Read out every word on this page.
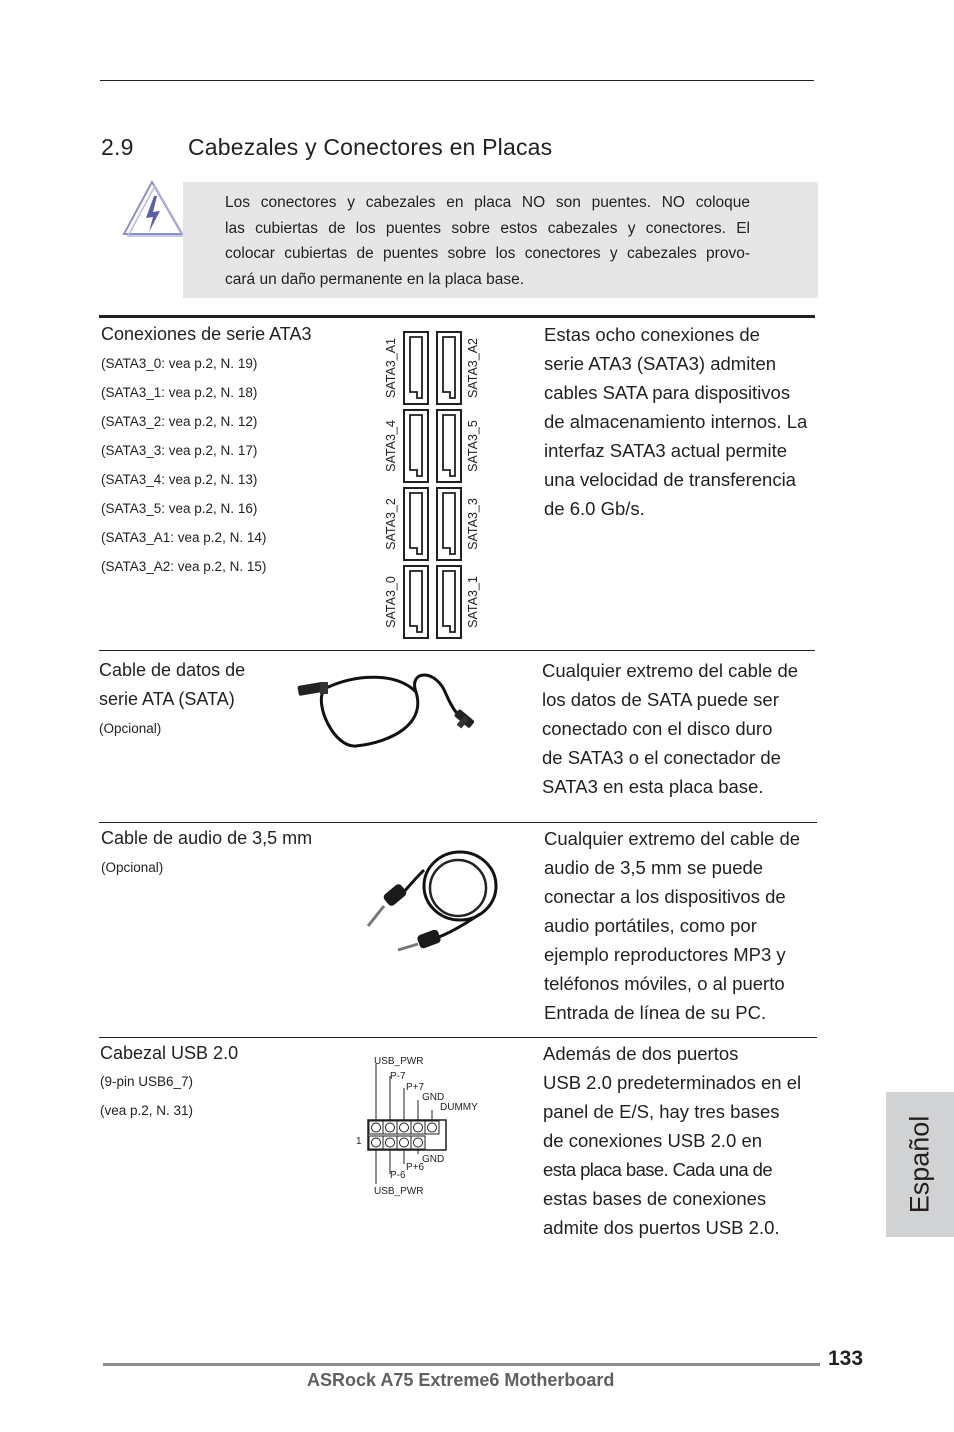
2.9 Cabezales y Conectores en Placas
Los conectores y cabezales en placa NO son puentes. NO coloque
las cubiertas de los puentes sobre estos cabezales y conectores. El
colocar cubiertas de puentes sobre los conectores y cabezales provo-
cará un daño permanente en la placa base.
Conexiones de serie ATA3
(SATA3_0: vea p.2, N. 19)
(SATA3_1: vea p.2, N. 18)
(SATA3_2: vea p.2, N. 12)
(SATA3_3: vea p.2, N. 17)
(SATA3_4: vea p.2, N. 13)
(SATA3_5: vea p.2, N. 16)
(SATA3_A1: vea p.2, N. 14)
(SATA3_A2: vea p.2, N. 15)
SATA3_A1
SATA3_4
SATA3_2
SATA3_0
SATA3_A2
SATA3_5
SATA3_3
SATA3_1
Estas ocho conexiones de
serie ATA3 (SATA3) admiten
cables SATA para dispositivos
de almacenamiento internos. La
interfaz SATA3 actual permite
una velocidad de transferencia
de 6.0 Gb/s.
Cable de datos de
serie ATA (SATA)
(Opcional)
Cualquier extremo del cable de
los datos de SATA puede ser
conectado con el disco duro
de SATA3 o el conectador de
SATA3 en esta placa base.
Cable de audio de 3,5 mm
(Opcional)
Cualquier extremo del cable de
audio de 3,5 mm se puede
conectar a los dispositivos de
audio portátiles, como por
ejemplo reproductores MP3 y
teléfonos móviles, o al puerto
Entrada de línea de su PC.
Cabezal USB 2.0
(9-pin USB6_7)
(vea p.2, N. 31)
USB_PWR
P-7
P+7
GND
DUMMY
GND
P+6
P-6
USB_PWR
1
Además de dos puertos
USB 2.0 predeterminados en el
panel de E/S, hay tres bases
de conexiones USB 2.0 en
esta placa base. Cada una de
estas bases de conexiones
admite dos puertos USB 2.0.
Español
133
ASRock A75 Extreme6 Motherboard
